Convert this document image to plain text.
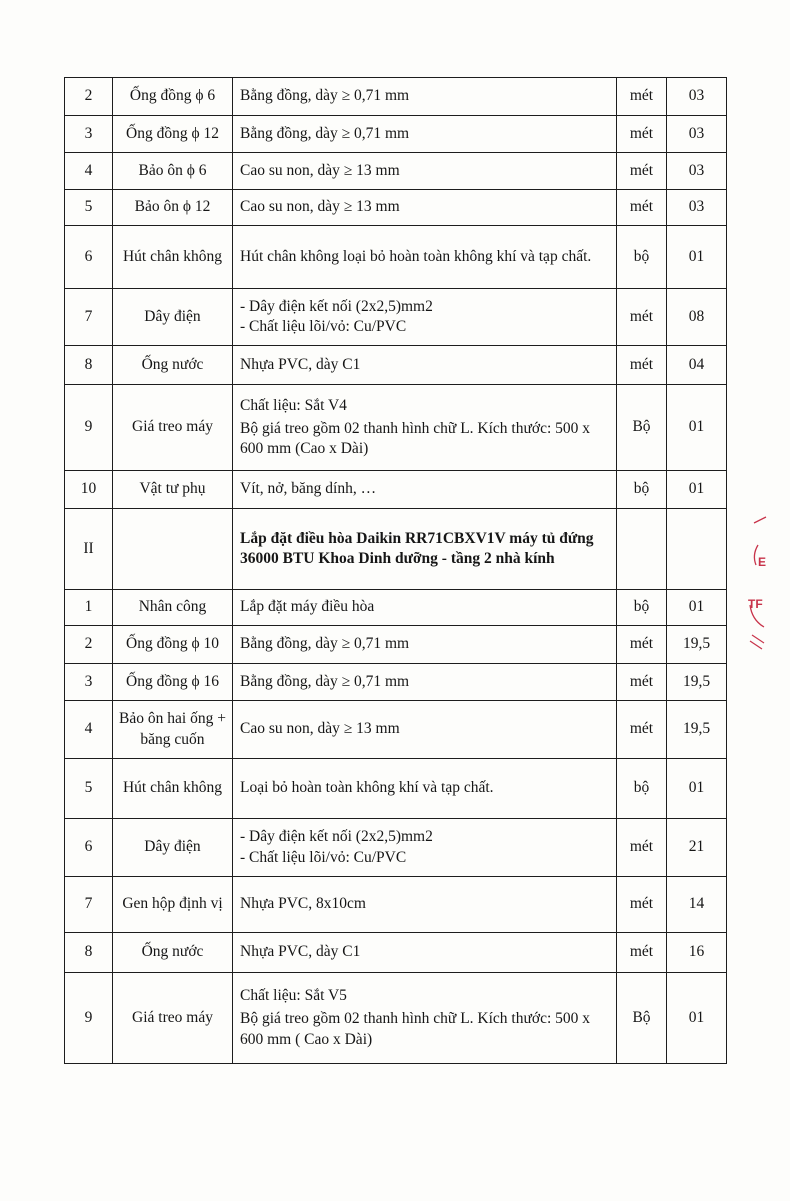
2	Ống đồng ϕ 6	Bằng đồng, dày ≥ 0,71 mm	mét	03
3	Ống đồng ϕ 12	Bằng đồng, dày ≥ 0,71 mm	mét	03
4	Bảo ôn ϕ 6	Cao su non, dày ≥ 13 mm	mét	03
5	Bảo ôn ϕ 12	Cao su non, dày ≥ 13 mm	mét	03
6	Hút chân không	Hút chân không loại bỏ hoàn toàn không khí và tạp chất.	bộ	01
7	Dây điện	- Dây điện kết nối (2x2,5)mm2
- Chất liệu lõi/vỏ: Cu/PVC	mét	08
8	Ống nước	Nhựa PVC, dày C1	mét	04
9	Giá treo máy	Chất liệu: Sắt V4

Bộ giá treo gồm 02 thanh hình chữ L. Kích thước: 500 x 600 mm (Cao x Dài)	Bộ	01
10	Vật tư phụ	Vít, nở, băng dính, …	bộ	01
II		Lắp đặt điều hòa Daikin RR71CBXV1V máy tủ đứng 36000 BTU Khoa Dinh dưỡng - tầng 2 nhà kính		

1	Nhân công	Lắp đặt máy điều hòa	bộ	01
2	Ống đồng ϕ 10	Bằng đồng, dày ≥ 0,71 mm	mét	19,5
3	Ống đồng ϕ 16	Bằng đồng, dày ≥ 0,71 mm	mét	19,5
4	Bảo ôn hai ống + băng cuốn	Cao su non, dày ≥ 13 mm	mét	19,5
5	Hút chân không	Loại bỏ hoàn toàn không khí và tạp chất.	bộ	01
6	Dây điện	- Dây điện kết nối (2x2,5)mm2
- Chất liệu lõi/vỏ: Cu/PVC	mét	21
7	Gen hộp định vị	Nhựa PVC, 8x10cm	mét	14
8	Ống nước	Nhựa PVC, dày C1	mét	16
9	Giá treo máy	Chất liệu: Sắt V5

Bộ giá treo gồm 02 thanh hình chữ L. Kích thước: 500 x 600 mm ( Cao x Dài)	Bộ	01
E
TF
